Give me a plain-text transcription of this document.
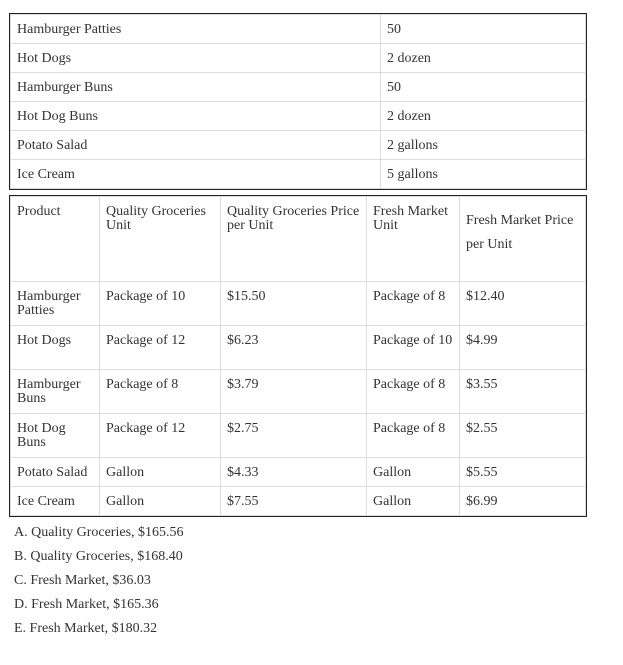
Hamburger Patties	50
Hot Dogs	2 dozen
Hamburger Buns	50
Hot Dog Buns	2 dozen
Potato Salad	2 gallons
Ice Cream	5 gallons
Product	Quality Groceries Unit	Quality Groceries Price per Unit	Fresh Market Unit	Fresh Market Price per Unit
Hamburger Patties	Package of 10	$15.50	Package of 8	$12.40
Hot Dogs	Package of 12	$6.23	Package of 10	$4.99
Hamburger Buns	Package of 8	$3.79	Package of 8	$3.55
Hot Dog Buns	Package of 12	$2.75	Package of 8	$2.55
Potato Salad	Gallon	$4.33	Gallon	$5.55
Ice Cream	Gallon	$7.55	Gallon	$6.99
A. Quality Groceries, $165.56
B. Quality Groceries, $168.40
C. Fresh Market, $36.03
D. Fresh Market, $165.36
E. Fresh Market, $180.32
